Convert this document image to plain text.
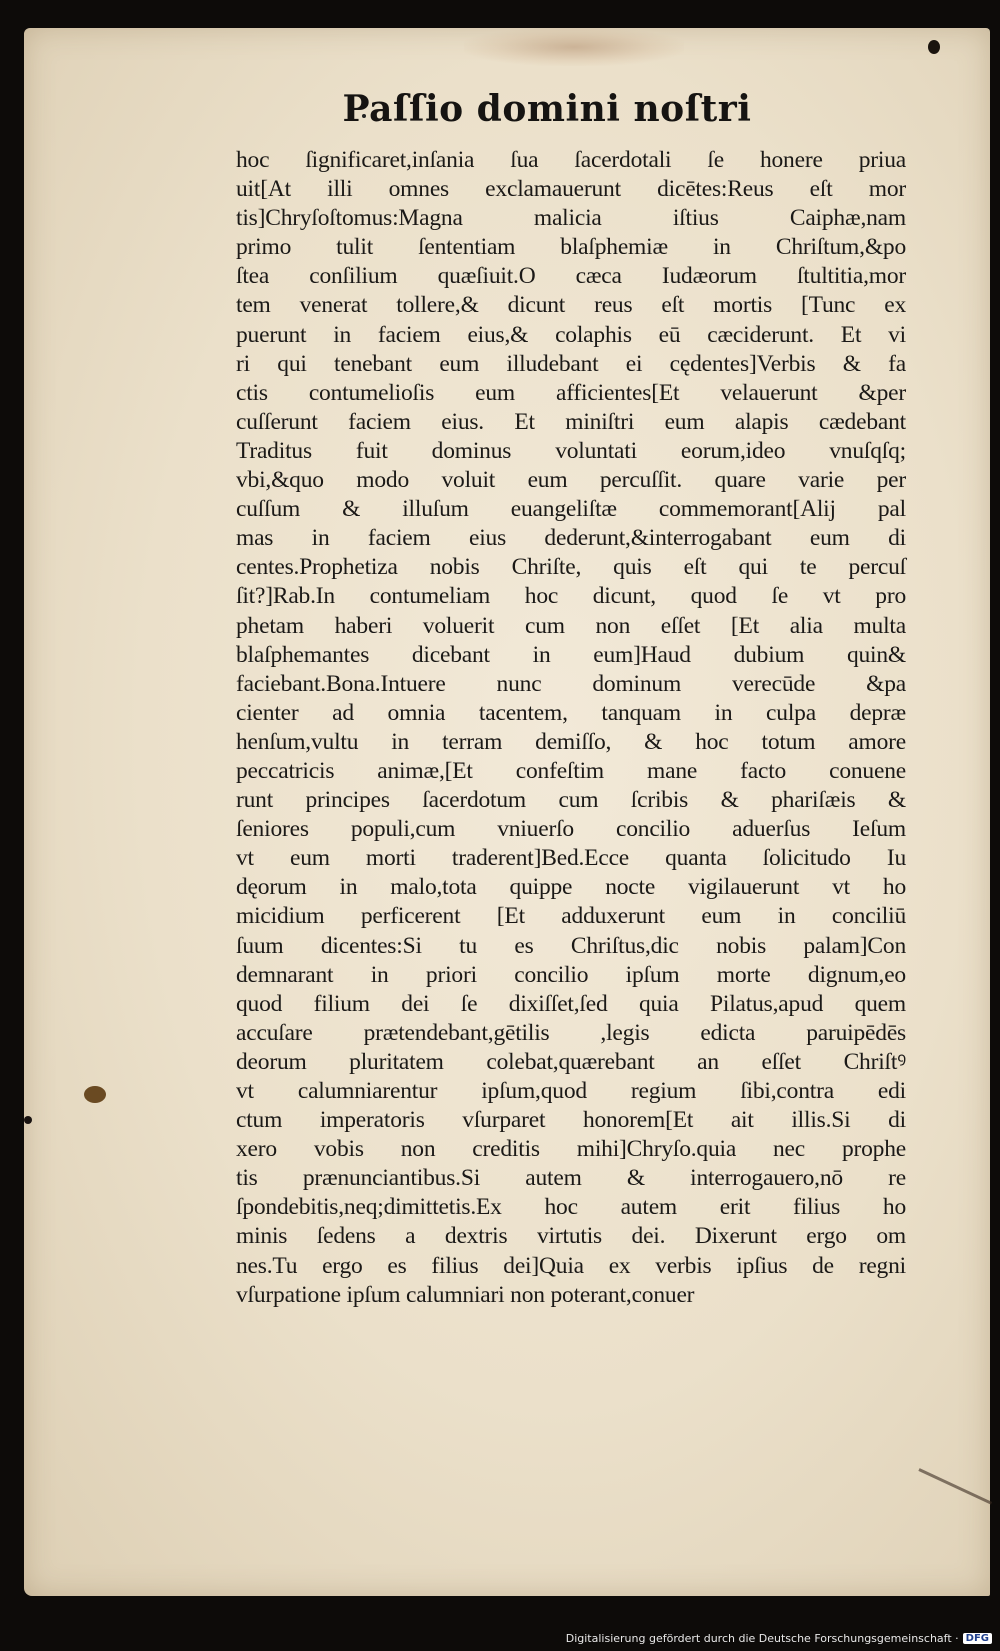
Paſſio domini noſtri
hoc ſignificaret,inſania ſua ſacerdotali ſe honere priua
uit[At illi omnes exclamauerunt dicētes:Reus eſt mor
tis]Chryſoſtomus:Magna malicia iſtius Caiphæ,nam
primo tulit ſententiam blaſphemiæ in Chriſtum,&po
ſtea conſilium quæſiuit.O cæca Iudæorum ſtultitia,mor
tem venerat tollere,& dicunt reus eſt mortis [Tunc ex
puerunt in faciem eius,& colaphis eū cæciderunt. Et vi
ri qui tenebant eum illudebant ei cędentes]Verbis & fa
ctis contumelioſis eum afficientes[Et velauerunt &per
cuſſerunt faciem eius. Et miniſtri eum alapis cædebant
Traditus fuit dominus voluntati eorum,ideo vnuſqſq;
vbi,&quo modo voluit eum percuſſit. quare varie per
cuſſum & illuſum euangeliſtæ commemorant[Alij pal
mas in faciem eius dederunt,&interrogabant eum di
centes.Prophetiza nobis Chriſte, quis eſt qui te percuſ
ſit?]Rab.In contumeliam hoc dicunt, quod ſe vt pro
phetam haberi voluerit cum non eſſet [Et alia multa
blaſphemantes dicebant in eum]Haud dubium quin&
faciebant.Bona.Intuere nunc dominum verecūde &pa
cienter ad omnia tacentem, tanquam in culpa depræ
henſum,vultu in terram demiſſo, & hoc totum amore
peccatricis animæ,[Et confeſtim mane facto conuene
runt principes ſacerdotum cum ſcribis & phariſæis &
ſeniores populi,cum vniuerſo concilio aduerſus Ieſum
vt eum morti traderent]Bed.Ecce quanta ſolicitudo Iu
dęorum in malo,tota quippe nocte vigilauerunt vt ho
micidium perficerent [Et adduxerunt eum in conciliū
ſuum dicentes:Si tu es Chriſtus,dic nobis palam]Con
demnarant in priori concilio ipſum morte dignum,eo
quod filium dei ſe dixiſſet,ſed quia Pilatus,apud quem
accuſare prætendebant,gētilis ,legis edicta paruipēdēs
deorum pluritatem colebat,quærebant an eſſet Chriſtꝰ
vt calumniarentur ipſum,quod regium ſibi,contra edi
ctum imperatoris vſurparet honorem[Et ait illis.Si di
xero vobis non creditis mihi]Chryſo.quia nec prophe
tis prænunciantibus.Si autem & interrogauero,nō re
ſpondebitis,neq;dimittetis.Ex hoc autem erit filius ho
minis ſedens a dextris virtutis dei. Dixerunt ergo om
nes.Tu ergo es filius dei]Quia ex verbis ipſius de regni
vſurpatione ipſum calumniari non poterant,conuer
Digitalisierung gefördert durch die Deutsche Forschungsgemeinschaft · DFG
